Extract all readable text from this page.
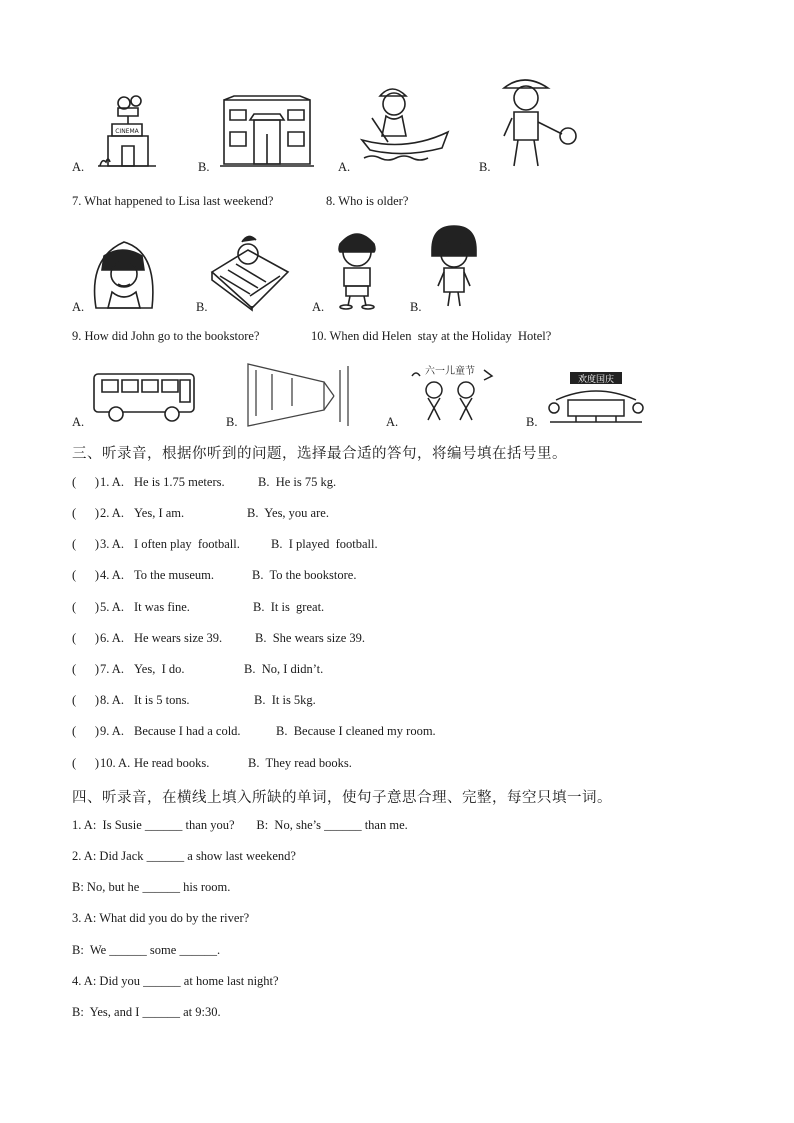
CINEMA
A.	B.	A.	B.
7. What happened to Lisa last weekend?	8. Who is older?
A.	B.	A.	B.
9. How did John go to the bookstore?	10. When did Helen  stay at the Holiday  Hotel?
六一儿童节
欢度国庆
A.	B.	A.	B.
三、听录音，根据你听到的问题，选择最合适的答句，将编号填在括号里。
(      ) 1. A. He is 1.75 meters.	B.  He is 75 kg.
(      ) 2. A. Yes, I am.	B.  Yes, you are.
(      ) 3. A. I often play  football. B.  I played  football.
(      ) 4. A. To the museum.	B.  To the bookstore.
(      ) 5. A. It was fine.	B.  It is  great.
(      ) 6. A. He wears size 39.	B.  She wears size 39.
(      ) 7. A. Yes,  I do.	B.  No, I didn’t.
(      ) 8. A. It is 5 tons.	B.  It is 5kg.
(      ) 9. A. Because I had a cold.	B.  Because I cleaned my room.
(      ) 10. A. He read books.	B.  They read books.
四、听录音，在横线上填入所缺的单词，使句子意思合理、完整，每空只填一词。
1. A:  Is Susie ______ than you?       B:  No, she’s ______ than me.
2. A: Did Jack ______ a show last weekend?
B: No, but he ______ his room.
3. A: What did you do by the river?
B:  We ______ some ______.
4. A: Did you ______ at home last night?
B:  Yes, and I ______ at 9:30.
